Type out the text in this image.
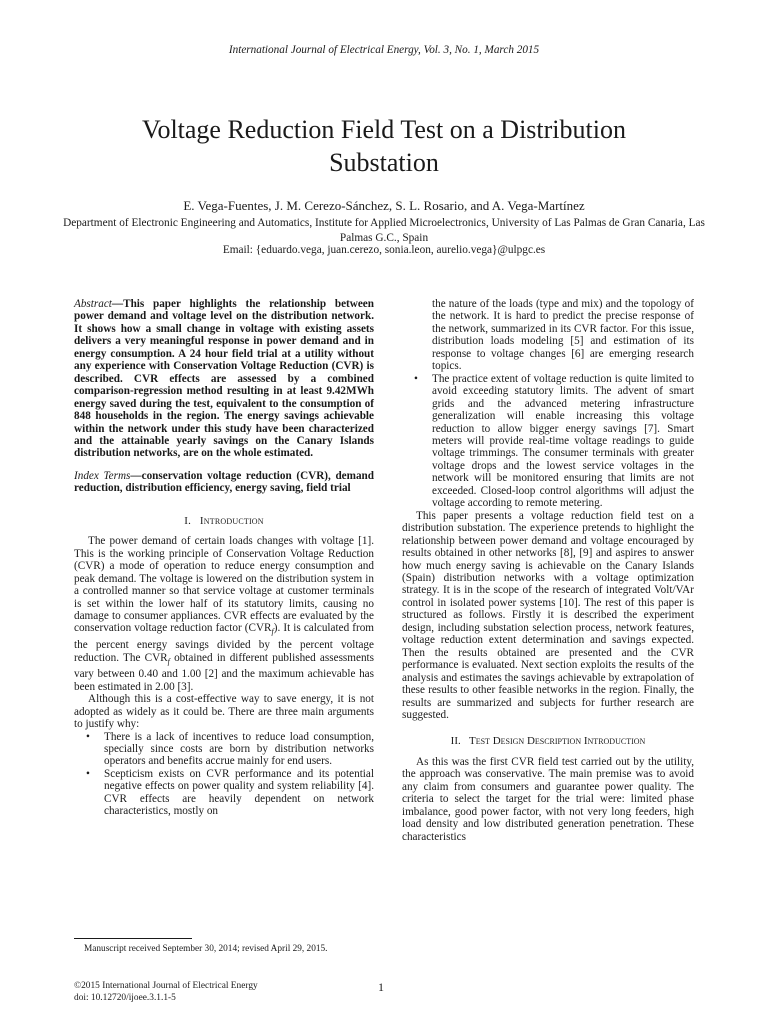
International Journal of Electrical Energy, Vol. 3, No. 1, March 2015
Voltage Reduction Field Test on a Distribution
Substation
E. Vega-Fuentes, J. M. Cerezo-Sánchez, S. L. Rosario, and A. Vega-Martínez
Department of Electronic Engineering and Automatics, Institute for Applied Microelectronics, University of Las Palmas de Gran Canaria, Las Palmas G.C., Spain
Email: {eduardo.vega, juan.cerezo, sonia.leon, aurelio.vega}@ulpgc.es

Abstract—This paper highlights the relationship between power demand and voltage level on the distribution network. It shows how a small change in voltage with existing assets delivers a very meaningful response in power demand and in energy consumption. A 24 hour field trial at a utility without any experience with Conservation Voltage Reduction (CVR) is described. CVR effects are assessed by a combined comparison-regression method resulting in at least 9.42MWh energy saved during the test, equivalent to the consumption of 848 households in the region. The energy savings achievable within the network under this study have been characterized and the attainable yearly savings on the Canary Islands distribution networks, are on the whole estimated.

Index Terms—conservation voltage reduction (CVR), demand reduction, distribution efficiency, energy saving, field trial

I. Introduction

The power demand of certain loads changes with voltage [1]. This is the working principle of Conservation Voltage Reduction (CVR) a mode of operation to reduce energy consumption and peak demand. The voltage is lowered on the distribution system in a controlled manner so that service voltage at customer terminals is set within the lower half of its statutory limits, causing no damage to consumer appliances. CVR effects are evaluated by the conservation voltage reduction factor $(CVR_f)$. It is calculated from the percent energy savings divided by the percent voltage reduction. The $CVR_f$ obtained in different published assessments vary between 0.40 and 1.00 [2] and the maximum achievable has been estimated in 2.00 [3].

Although this is a cost-effective way to save energy, it is not adopted as widely as it could be. There are three main arguments to justify why:

• There is a lack of incentives to reduce load consumption, specially since costs are born by distribution networks operators and benefits accrue mainly for end users.
• Scepticism exists on CVR performance and its potential negative effects on power quality and system reliability [4]. CVR effects are heavily dependent on network characteristics, mostly on

the nature of the loads (type and mix) and the topology of the network. It is hard to predict the precise response of the network, summarized in its CVR factor. For this issue, distribution loads modeling [5] and estimation of its response to voltage changes [6] are emerging research topics.

• The practice extent of voltage reduction is quite limited to avoid exceeding statutory limits. The advent of smart grids and the advanced metering infrastructure generalization will enable increasing this voltage reduction to allow bigger energy savings [7]. Smart meters will provide real-time voltage readings to guide voltage trimmings. The consumer terminals with greater voltage drops and the lowest service voltages in the network will be monitored ensuring that limits are not exceeded. Closed-loop control algorithms will adjust the voltage according to remote metering.

This paper presents a voltage reduction field test on a distribution substation. The experience pretends to highlight the relationship between power demand and voltage encouraged by results obtained in other networks [8], [9] and aspires to answer how much energy saving is achievable on the Canary Islands (Spain) distribution networks with a voltage optimization strategy. It is in the scope of the research of integrated Volt/VAr control in isolated power systems [10]. The rest of this paper is structured as follows. Firstly it is described the experiment design, including substation selection process, network features, voltage reduction extent determination and savings expected. Then the results obtained are presented and the CVR performance is evaluated. Next section exploits the results of the analysis and estimates the savings achievable by extrapolation of these results to other feasible networks in the region. Finally, the results are summarized and subjects for further research are suggested.

II. Test Design Description Introduction

As this was the first CVR field test carried out by the utility, the approach was conservative. The main premise was to avoid any claim from consumers and guarantee power quality. The criteria to select the target for the trial were: limited phase imbalance, good power factor, with not very long feeders, high load density and low distributed generation penetration. These characteristics

Manuscript received September 30, 2014; revised April 29, 2015.
©2015 International Journal of Electrical Energy
doi: 10.12720/ijoee.3.1.1-5
1
